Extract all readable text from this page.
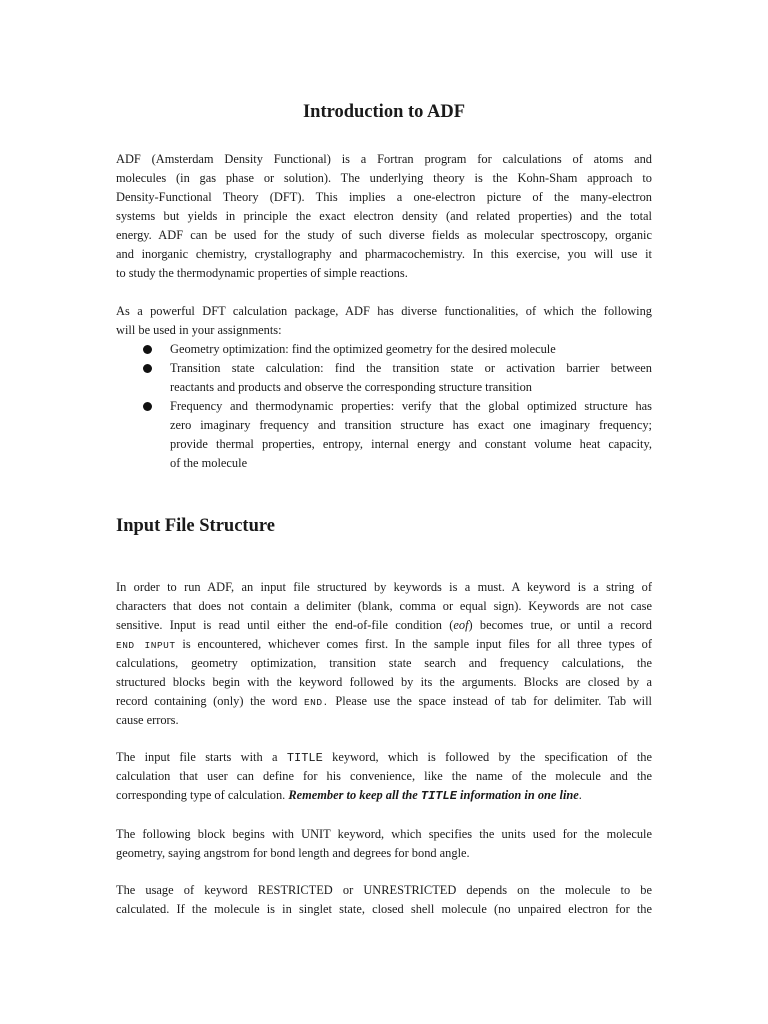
Introduction to ADF

ADF (Amsterdam Density Functional) is a Fortran program for calculations of atoms and
molecules (in gas phase or solution). The underlying theory is the Kohn-Sham approach to
Density-Functional Theory (DFT). This implies a one-electron picture of the many-electron
systems but yields in principle the exact electron density (and related properties) and the total
energy. ADF can be used for the study of such diverse fields as molecular spectroscopy, organic
and inorganic chemistry, crystallography and pharmacochemistry. In this exercise, you will use it
to study the thermodynamic properties of simple reactions.

As a powerful DFT calculation package, ADF has diverse functionalities, of which the following
will be used in your assignments:

Geometry optimization: find the optimized geometry for the desired molecule
Transition state calculation: find the transition state or activation barrier between
reactants and products and observe the corresponding structure transition
Frequency and thermodynamic properties: verify that the global optimized structure has
zero imaginary frequency and transition structure has exact one imaginary frequency;
provide thermal properties, entropy, internal energy and constant volume heat capacity,
of the molecule
Input File Structure

In order to run ADF, an input file structured by keywords is a must. A keyword is a string of
characters that does not contain a delimiter (blank, comma or equal sign). Keywords are not case
sensitive. Input is read until either the end-of-file condition (eof) becomes true, or until a record
END INPUT is encountered, whichever comes first. In the sample input files for all three types of
calculations, geometry optimization, transition state search and frequency calculations, the
structured blocks begin with the keyword followed by its the arguments. Blocks are closed by a
record containing (only) the word END. Please use the space instead of tab for delimiter. Tab will
cause errors.

The input file starts with a TITLE keyword, which is followed by the specification of the
calculation that user can define for his convenience, like the name of the molecule and the
corresponding type of calculation. Remember to keep all the TITLE information in one line.

The following block begins with UNIT keyword, which specifies the units used for the molecule
geometry, saying angstrom for bond length and degrees for bond angle.

The usage of keyword RESTRICTED or UNRESTRICTED depends on the molecule to be
calculated. If the molecule is in singlet state, closed shell molecule (no unpaired electron for the
